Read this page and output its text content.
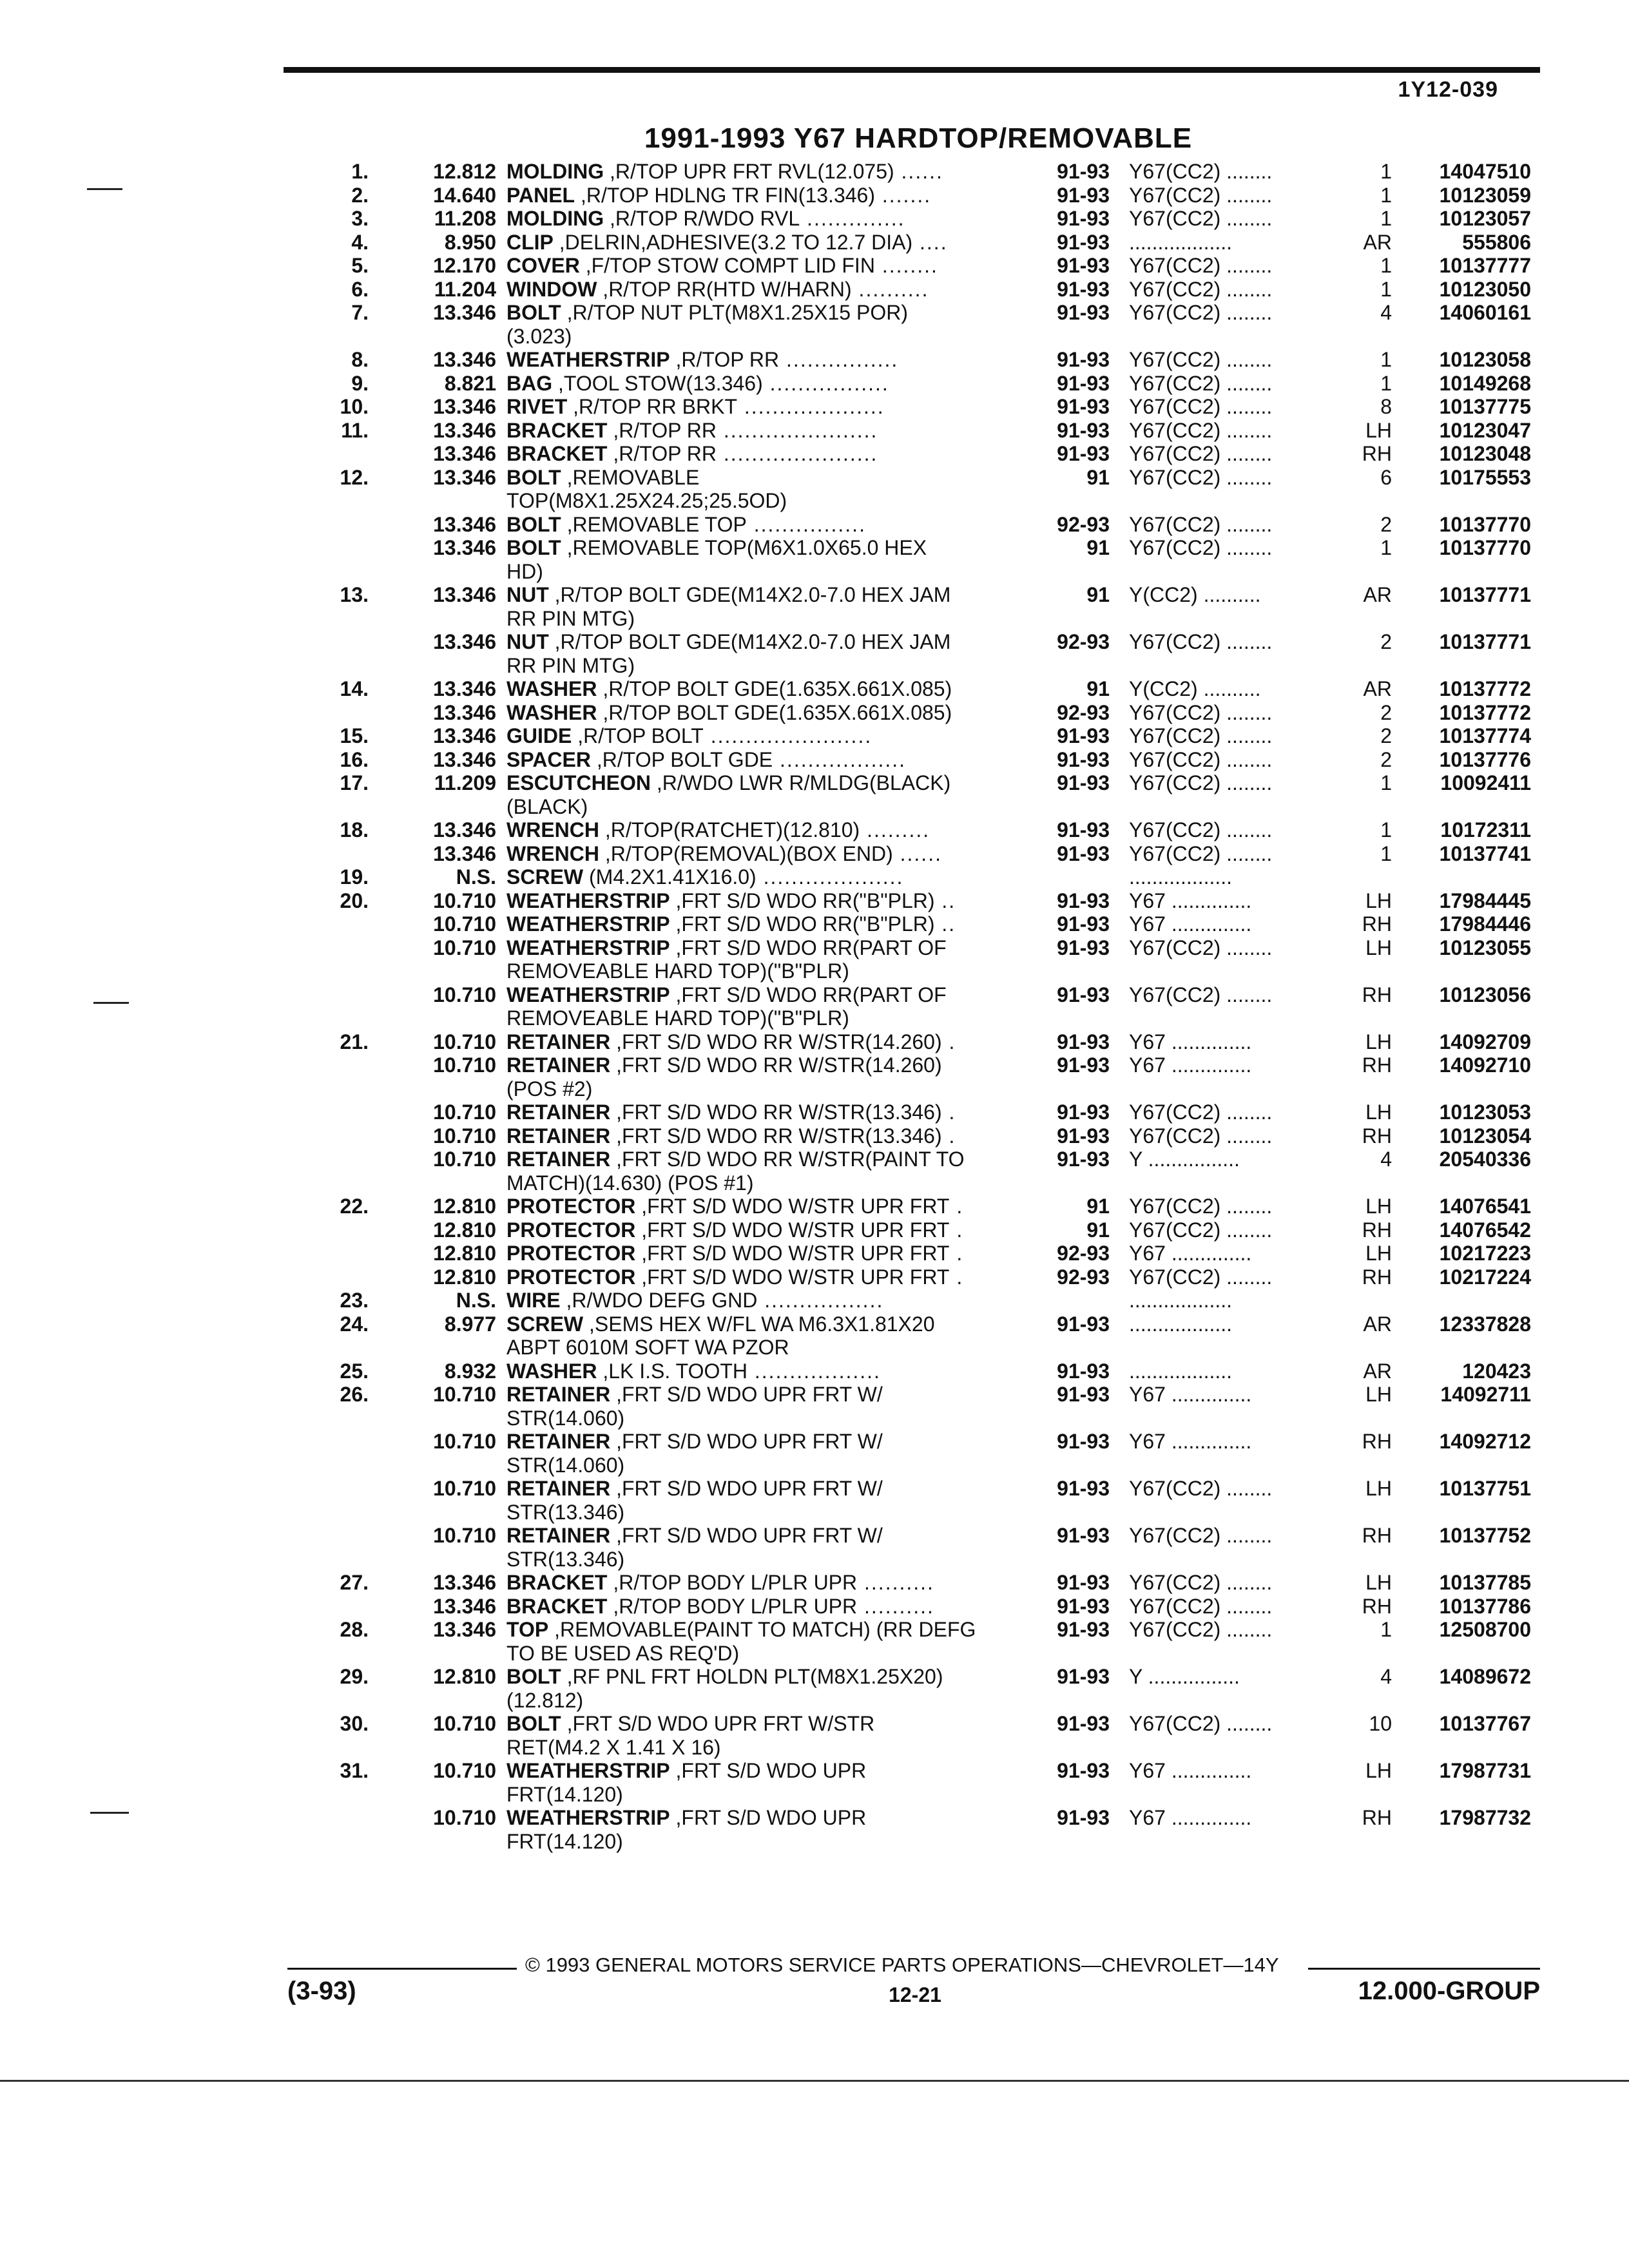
1Y12-039
1991-1993 Y67 HARDTOP/REMOVABLE
1.	12.812 MOLDING ,R/TOP UPR FRT RVL(12.075) ......	91-93 Y67(CC2) ........	1	14047510
2.	14.640 PANEL ,R/TOP HDLNG TR FIN(13.346) .......	91-93 Y67(CC2) ........	1	10123059
3.	11.208 MOLDING ,R/TOP R/WDO RVL ..............	91-93 Y67(CC2) ........	1	10123057
4.	8.950 CLIP ,DELRIN,ADHESIVE(3.2 TO 12.7 DIA) ....	91-93 ..................	AR	555806
5.	12.170 COVER ,F/TOP STOW COMPT LID FIN ........	91-93 Y67(CC2) ........	1	10137777
6.	11.204 WINDOW ,R/TOP RR(HTD W/HARN) ..........	91-93 Y67(CC2) ........	1	10123050
7.	13.346 BOLT ,R/TOP NUT PLT(M8X1.25X15 POR)	91-93 Y67(CC2) ........	4	14060161
(3.023)
8.	13.346 WEATHERSTRIP ,R/TOP RR ................	91-93 Y67(CC2) ........	1	10123058
9.	8.821 BAG ,TOOL STOW(13.346) .................	91-93 Y67(CC2) ........	1	10149268
10.	13.346 RIVET ,R/TOP RR BRKT ....................	91-93 Y67(CC2) ........	8	10137775
11.	13.346 BRACKET ,R/TOP RR ......................	91-93 Y67(CC2) ........	LH	10123047
13.346 BRACKET ,R/TOP RR ......................	91-93 Y67(CC2) ........	RH	10123048
12.	13.346 BOLT ,REMOVABLE	91 Y67(CC2) ........	6	10175553
TOP(M8X1.25X24.25;25.5OD)
13.346 BOLT ,REMOVABLE TOP ................	92-93 Y67(CC2) ........	2	10137770
13.346 BOLT ,REMOVABLE TOP(M6X1.0X65.0 HEX	91 Y67(CC2) ........	1	10137770
HD)
13.	13.346 NUT ,R/TOP BOLT GDE(M14X2.0-7.0 HEX JAM	91 Y(CC2) ..........	AR	10137771
RR PIN MTG)
13.346 NUT ,R/TOP BOLT GDE(M14X2.0-7.0 HEX JAM	92-93 Y67(CC2) ........	2	10137771
RR PIN MTG)
14.	13.346 WASHER ,R/TOP BOLT GDE(1.635X.661X.085)	91 Y(CC2) ..........	AR	10137772
13.346 WASHER ,R/TOP BOLT GDE(1.635X.661X.085)	92-93 Y67(CC2) ........	2	10137772
15.	13.346 GUIDE ,R/TOP BOLT .......................	91-93 Y67(CC2) ........	2	10137774
16.	13.346 SPACER ,R/TOP BOLT GDE ..................	91-93 Y67(CC2) ........	2	10137776
17.	11.209 ESCUTCHEON ,R/WDO LWR R/MLDG(BLACK)	91-93 Y67(CC2) ........	1	10092411
(BLACK)
18.	13.346 WRENCH ,R/TOP(RATCHET)(12.810) .........	91-93 Y67(CC2) ........	1	10172311
13.346 WRENCH ,R/TOP(REMOVAL)(BOX END) ......	91-93 Y67(CC2) ........	1	10137741
19.	N.S. SCREW (M4.2X1.41X16.0) ....................	..................
20.	10.710 WEATHERSTRIP ,FRT S/D WDO RR("B"PLR) ..	91-93 Y67 ..............	LH	17984445
10.710 WEATHERSTRIP ,FRT S/D WDO RR("B"PLR) ..	91-93 Y67 ..............	RH	17984446
10.710 WEATHERSTRIP ,FRT S/D WDO RR(PART OF	91-93 Y67(CC2) ........	LH	10123055
REMOVEABLE HARD TOP)("B"PLR)
10.710 WEATHERSTRIP ,FRT S/D WDO RR(PART OF	91-93 Y67(CC2) ........	RH	10123056
REMOVEABLE HARD TOP)("B"PLR)
21.	10.710 RETAINER ,FRT S/D WDO RR W/STR(14.260) .	91-93 Y67 ..............	LH	14092709
10.710 RETAINER ,FRT S/D WDO RR W/STR(14.260)	91-93 Y67 ..............	RH	14092710
(POS #2)
10.710 RETAINER ,FRT S/D WDO RR W/STR(13.346) .	91-93 Y67(CC2) ........	LH	10123053
10.710 RETAINER ,FRT S/D WDO RR W/STR(13.346) .	91-93 Y67(CC2) ........	RH	10123054
10.710 RETAINER ,FRT S/D WDO RR W/STR(PAINT TO	91-93 Y ................	4	20540336
MATCH)(14.630) (POS #1)
22.	12.810 PROTECTOR ,FRT S/D WDO W/STR UPR FRT .	91 Y67(CC2) ........	LH	14076541
12.810 PROTECTOR ,FRT S/D WDO W/STR UPR FRT .	91 Y67(CC2) ........	RH	14076542
12.810 PROTECTOR ,FRT S/D WDO W/STR UPR FRT .	92-93 Y67 ..............	LH	10217223
12.810 PROTECTOR ,FRT S/D WDO W/STR UPR FRT .	92-93 Y67(CC2) ........	RH	10217224
23.	N.S. WIRE ,R/WDO DEFG GND .................	..................
24.	8.977 SCREW ,SEMS HEX W/FL WA M6.3X1.81X20	91-93 ..................	AR	12337828
ABPT 6010M SOFT WA PZOR
25.	8.932 WASHER ,LK I.S. TOOTH ..................	91-93 ..................	AR	120423
26.	10.710 RETAINER ,FRT S/D WDO UPR FRT W/	91-93 Y67 ..............	LH	14092711
STR(14.060)
10.710 RETAINER ,FRT S/D WDO UPR FRT W/	91-93 Y67 ..............	RH	14092712
STR(14.060)
10.710 RETAINER ,FRT S/D WDO UPR FRT W/	91-93 Y67(CC2) ........	LH	10137751
STR(13.346)
10.710 RETAINER ,FRT S/D WDO UPR FRT W/	91-93 Y67(CC2) ........	RH	10137752
STR(13.346)
27.	13.346 BRACKET ,R/TOP BODY L/PLR UPR ..........	91-93 Y67(CC2) ........	LH	10137785
13.346 BRACKET ,R/TOP BODY L/PLR UPR ..........	91-93 Y67(CC2) ........	RH	10137786
28.	13.346 TOP ,REMOVABLE(PAINT TO MATCH) (RR DEFG	91-93 Y67(CC2) ........	1	12508700
TO BE USED AS REQ'D)
29.	12.810 BOLT ,RF PNL FRT HOLDN PLT(M8X1.25X20)	91-93 Y ................	4	14089672
(12.812)
30.	10.710 BOLT ,FRT S/D WDO UPR FRT W/STR	91-93 Y67(CC2) ........	10	10137767
RET(M4.2 X 1.41 X 16)
31.	10.710 WEATHERSTRIP ,FRT S/D WDO UPR	91-93 Y67 ..............	LH	17987731
FRT(14.120)
10.710 WEATHERSTRIP ,FRT S/D WDO UPR	91-93 Y67 ..............	RH	17987732
FRT(14.120)
© 1993 GENERAL MOTORS SERVICE PARTS OPERATIONS—CHEVROLET—14Y
(3-93)	12-21	12.000-GROUP
